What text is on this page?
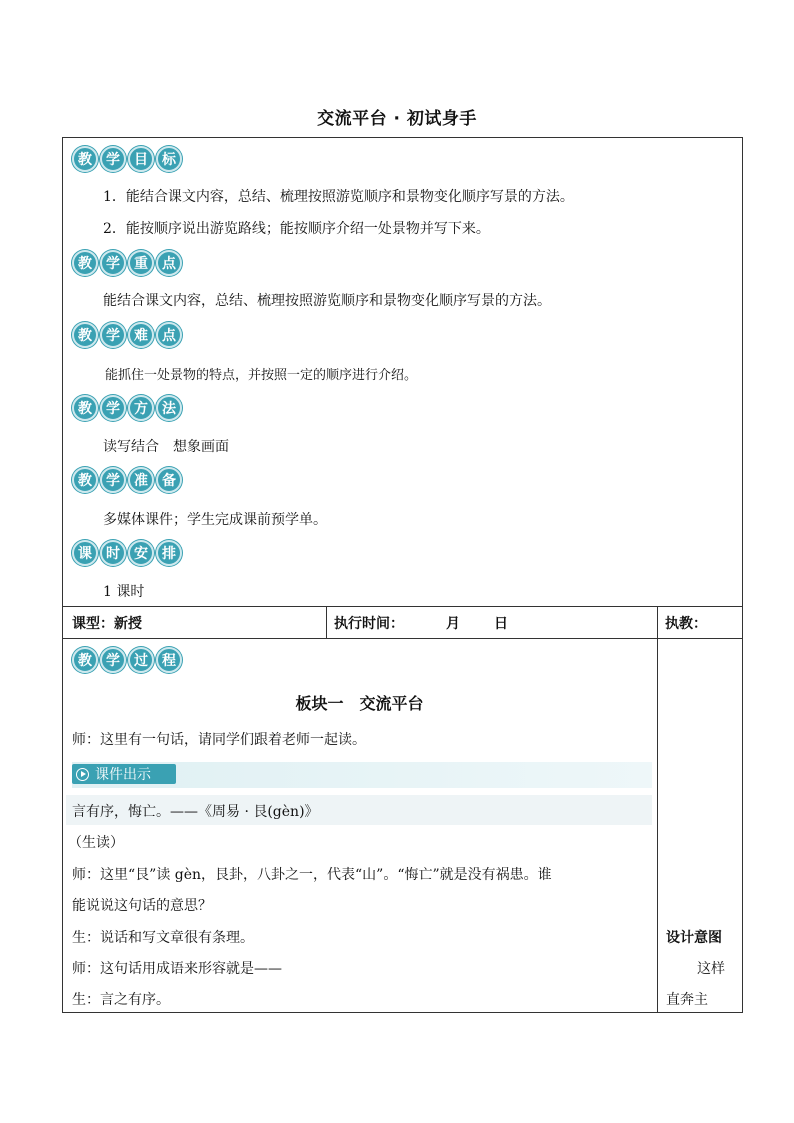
交流平台 · 初试身手
教	学	目	标
1．能结合课文内容，总结、梳理按照游览顺序和景物变化顺序写景的方法。
2．能按顺序说出游览路线；能按顺序介绍一处景物并写下来。
教	学	重	点
能结合课文内容，总结、梳理按照游览顺序和景物变化顺序写景的方法。
教	学	难	点
能抓住一处景物的特点，并按照一定的顺序进行介绍。
教	学	方	法
读写结合　想象画面
教	学	准	备
多媒体课件；学生完成课前预学单。
课	时	安	排
1 课时
课型：新授	执行时间：	月 日	执教：
教	学	过	程
板块一　交流平台
师：这里有一句话，请同学们跟着老师一起读。
课件出示
言有序，悔亡。——《周易 · 艮(gèn)》
（生读）
师：这里“艮”读 gèn，艮卦，八卦之一，代表“山”。“悔亡”就是没有祸患。谁
能说说这句话的意思？
生：说话和写文章很有条理。
师：这句话用成语来形容就是——
生：言之有序。
设计意图
这样
直奔主
